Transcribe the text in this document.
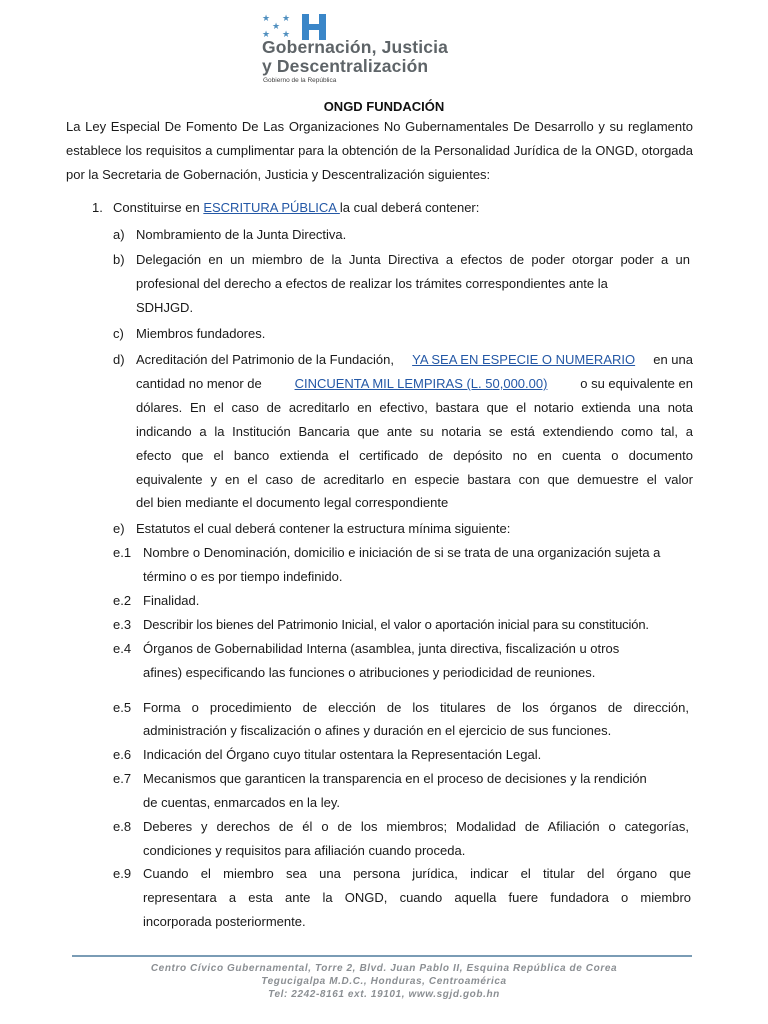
★ ★
★
★ ★
Gobernación, Justicia
y Descentralización
Gobierno de la República
ONGD FUNDACIÓN
La Ley Especial De Fomento De Las Organizaciones No Gubernamentales De Desarrollo y su reglamento establece los requisitos a cumplimentar para la obtención de la Personalidad Jurídica de la ONGD, otorgada por la Secretaria de Gobernación, Justicia y Descentralización siguientes:
1. Constituirse en ESCRITURA PÚBLICA la cual deberá contener:
a) Nombramiento de la Junta Directiva.
b) Delegación en un miembro de la Junta Directiva a efectos de poder otorgar poder a un
profesional del derecho a efectos de realizar los trámites correspondientes ante la
SDHJGD.
c) Miembros fundadores.
d) Acreditación del Patrimonio de la Fundación, YA SEA EN ESPECIE O NUMERARIO en una
cantidad no menor de	CINCUENTA MIL LEMPIRAS (L. 50,000.00)	o su equivalente en
dólares. En el caso de acreditarlo en efectivo, bastara que el notario extienda una nota
indicando a la Institución Bancaria que ante su notaria se está extendiendo como tal, a
efecto que el banco extienda el certificado de depósito no en cuenta o documento
equivalente y en el caso de acreditarlo en especie bastara con que demuestre el valor
del bien mediante el documento legal correspondiente
e) Estatutos el cual deberá contener la estructura mínima siguiente:
e.1 Nombre o Denominación, domicilio e iniciación de si se trata de una organización sujeta a
término o es por tiempo indefinido.
e.2 Finalidad.
e.3 Describir los bienes del Patrimonio Inicial, el valor o aportación inicial para su constitución.
e.4 Órganos de Gobernabilidad Interna (asamblea, junta directiva, fiscalización u otros
afines) especificando las funciones o atribuciones y periodicidad de reuniones.
e.5 Forma o procedimiento de elección de los titulares de los órganos de dirección,
administración y fiscalización o afines y duración en el ejercicio de sus funciones.
e.6 Indicación del Órgano cuyo titular ostentara la Representación Legal.
e.7 Mecanismos que garanticen la transparencia en el proceso de decisiones y la rendición
de cuentas, enmarcados en la ley.
e.8 Deberes y derechos de él o de los miembros; Modalidad de Afiliación o categorías,
condiciones y requisitos para afiliación cuando proceda.
e.9 Cuando el miembro sea una persona jurídica, indicar el titular del órgano que
representara a esta ante la ONGD, cuando aquella fuere fundadora o miembro
incorporada posteriormente.
Centro Cívico Gubernamental, Torre 2, Blvd. Juan Pablo II, Esquina República de Corea
Tegucigalpa M.D.C., Honduras, Centroamérica
Tel: 2242-8161 ext. 19101, www.sgjd.gob.hn
